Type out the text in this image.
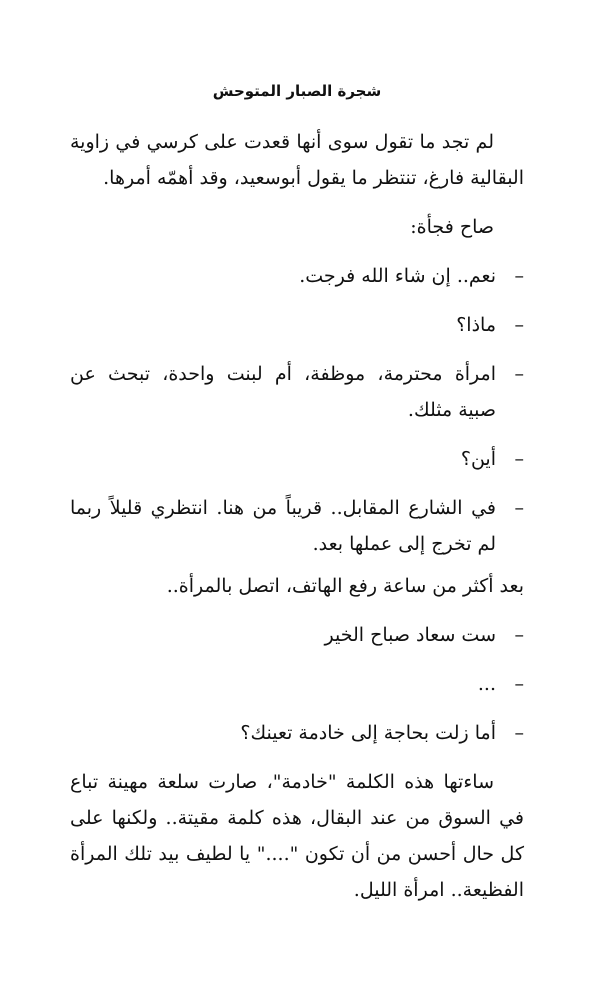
شجرة الصبار المتوحش

لم تجد ما تقول سوى أنها قعدت على كرسي في زاوية البقالية فارغ، تنتظر ما يقول أبوسعيد، وقد أهمّه أمرها.

صاح فجأة:

–
نعم.. إن شاء الله فرجت.
–
ماذا؟
–
امرأة محترمة، موظفة، أم لبنت واحدة، تبحث عن صبية مثلك.
–
أين؟
–
في الشارع المقابل.. قريباً من هنا. انتظري قليلاً ربما لم تخرج إلى عملها بعد.

بعد أكثر من ساعة رفع الهاتف، اتصل بالمرأة..

–
ست سعاد صباح الخير
–
...
–
أما زلت بحاجة إلى خادمة تعينك؟

ساءتها هذه الكلمة "خادمة"، صارت سلعة مهينة تباع في السوق من عند البقال، هذه كلمة مقيتة.. ولكنها على كل حال أحسن من أن تكون "...." يا لطيف بيد تلك المرأة الفظيعة.. امرأة الليل.
